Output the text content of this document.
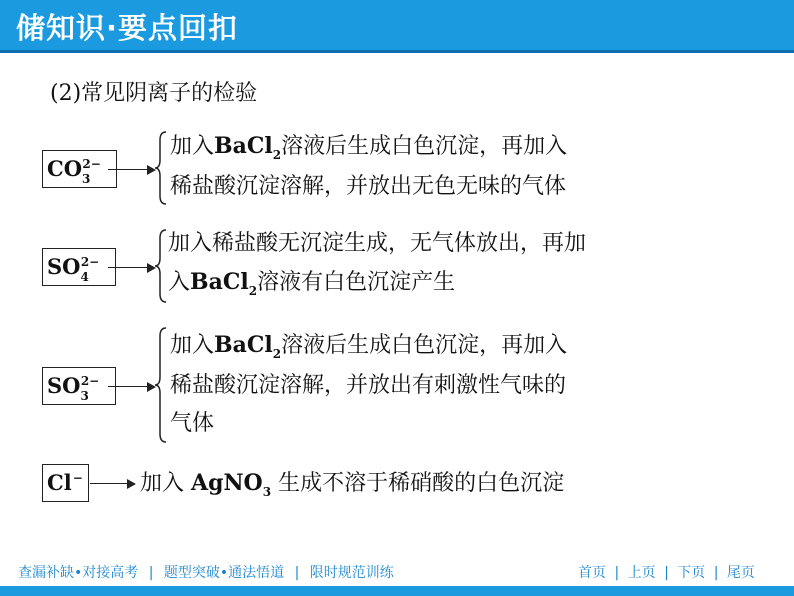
储知识·要点回扣
(2)常见阴离子的检验
$CO_3$
2−
加入BaCl$_2$溶液后生成白色沉淀，再加入
稀盐酸沉淀溶解，并放出无色无味的气体
$SO_4$
2−
加入稀盐酸无沉淀生成，无气体放出，再加
入BaCl$_2$溶液有白色沉淀产生
$SO_3$
2−
加入BaCl$_2$溶液后生成白色沉淀，再加入
稀盐酸沉淀溶解，并放出有刺激性气味的
气体
Cl −	加入 AgNO$_3$ 生成不溶于稀硝酸的白色沉淀
查漏补缺•对接高考 | 题型突破•通法悟道 | 限时规范训练	首页 | 上页 | 下页 | 尾页
